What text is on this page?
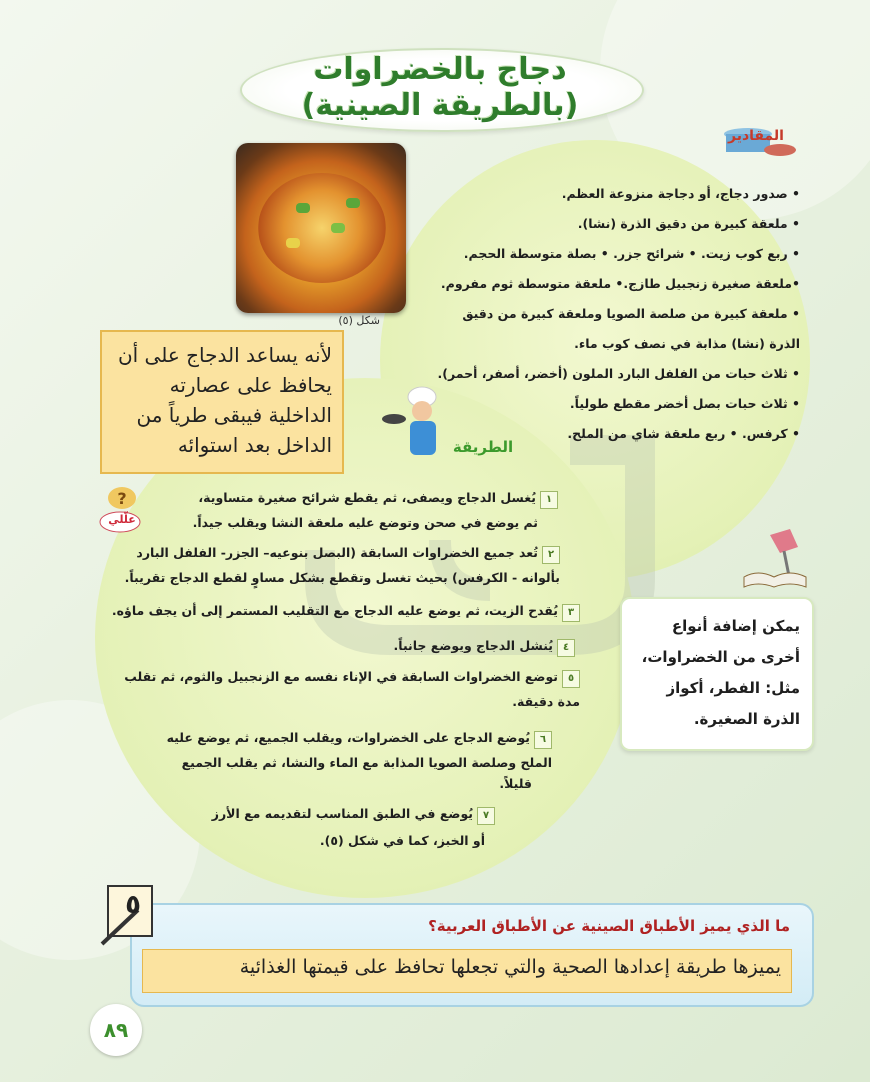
دجاج بالخضراوات
(بالطريقة الصينية)
شكل (٥)
المقادير
• صدور دجاج، أو دجاجة منزوعة العظم.
• ملعقة كبيرة من دقيق الذرة (نشا).
• ربع كوب زيت. • شرائح جزر. • بصلة متوسطة الحجم.
•ملعقة صغيرة زنجبيل طازج.• ملعقة متوسطة ثوم مفروم.
• ملعقة كبيرة من صلصة الصويا وملعقة كبيرة من دقيق
الذرة (نشا) مذابة في نصف كوب ماء.
• ثلاث حبات من الفلفل البارد الملون (أخضر، أصفر، أحمر).
• ثلاث حبات بصل أخضر مقطع طولياً.
• كرفس. • ربع ملعقة شاي من الملح.
لأنه يساعد الدجاج على أن يحافظ على عصارته الداخلية فيبقى طرياً من الداخل بعد استوائه	الطريقة
?
علّلي
١يُغسل الدجاج ويصفى، ثم يقطع شرائح صغيرة متساوية،
ثم يوضع في صحن وتوضع عليه ملعقة النشا ويقلب جيداً.
٢تُعد جميع الخضراوات السابقة (البصل بنوعيه– الجزر- الفلفل البارد
بألوانه - الكرفس) بحيث تغسل وتقطع بشكل مساوٍ لقطع الدجاج تقريباً.
٣يُقدح الزيت، ثم يوضع عليه الدجاج مع التقليب المستمر إلى أن يجف ماؤه.
٤يُنشل الدجاج ويوضع جانباً.
٥توضع الخضراوات السابقة في الإناء نفسه مع الزنجبيل والثوم، ثم تقلب
مدة دقيقة.
٦يُوضع الدجاج على الخضراوات، ويقلب الجميع، ثم يوضع عليه
الملح وصلصة الصويا المذابة مع الماء والنشا، ثم يقلب الجميع
قليلاً.
٧يُوضع في الطبق المناسب لتقديمه مع الأرز
أو الخبز، كما في شكل (٥).
يمكن إضافة أنواع
أخرى من الخضراوات،
مثل: الفطر، أكواز
الذرة الصغيرة.
ما الذي يميز الأطباق الصينية عن الأطباق العربية؟
يميزها طريقة إعدادها الصحية والتي تجعلها تحافظ على قيمتها الغذائية
٥
٨٩
